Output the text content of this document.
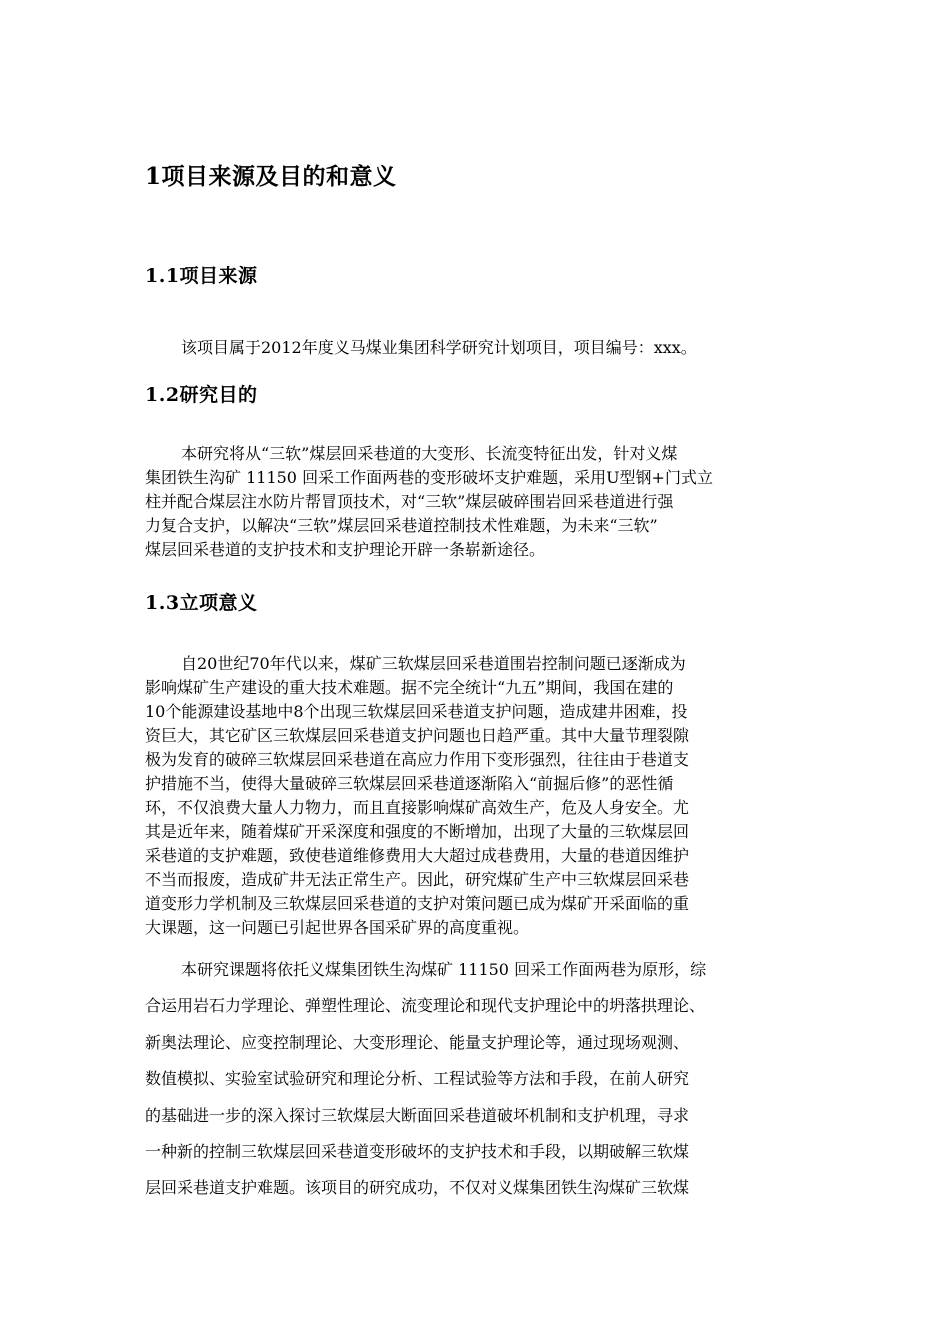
1项目来源及目的和意义
1.1项目来源
该项目属于2012年度义马煤业集团科学研究计划项目，项目编号：xxx。
1.2研究目的
本研究将从“三软”煤层回采巷道的大变形、长流变特征出发，针对义煤
集团铁生沟矿 11150 回采工作面两巷的变形破坏支护难题，采用U型钢+门式立
柱并配合煤层注水防片帮冒顶技术，对“三软”煤层破碎围岩回采巷道进行强
力复合支护，以解决“三软”煤层回采巷道控制技术性难题，为未来“三软”
煤层回采巷道的支护技术和支护理论开辟一条崭新途径。
1.3立项意义
自20世纪70年代以来，煤矿三软煤层回采巷道围岩控制问题已逐渐成为
影响煤矿生产建设的重大技术难题。据不完全统计“九五”期间，我国在建的
10个能源建设基地中8个出现三软煤层回采巷道支护问题，造成建井困难，投
资巨大，其它矿区三软煤层回采巷道支护问题也日趋严重。其中大量节理裂隙
极为发育的破碎三软煤层回采巷道在高应力作用下变形强烈，往往由于巷道支
护措施不当，使得大量破碎三软煤层回采巷道逐渐陷入“前掘后修”的恶性循
环，不仅浪费大量人力物力，而且直接影响煤矿高效生产，危及人身安全。尤
其是近年来，随着煤矿开采深度和强度的不断增加，出现了大量的三软煤层回
采巷道的支护难题，致使巷道维修费用大大超过成巷费用，大量的巷道因维护
不当而报废，造成矿井无法正常生产。因此，研究煤矿生产中三软煤层回采巷
道变形力学机制及三软煤层回采巷道的支护对策问题已成为煤矿开采面临的重
大课题，这一问题已引起世界各国采矿界的高度重视。
本研究课题将依托义煤集团铁生沟煤矿 11150 回采工作面两巷为原形，综
合运用岩石力学理论、弹塑性理论、流变理论和现代支护理论中的坍落拱理论、
新奥法理论、应变控制理论、大变形理论、能量支护理论等，通过现场观测、
数值模拟、实验室试验研究和理论分析、工程试验等方法和手段，在前人研究
的基础进一步的深入探讨三软煤层大断面回采巷道破坏机制和支护机理，寻求
一种新的控制三软煤层回采巷道变形破坏的支护技术和手段，以期破解三软煤
层回采巷道支护难题。该项目的研究成功，不仅对义煤集团铁生沟煤矿三软煤
